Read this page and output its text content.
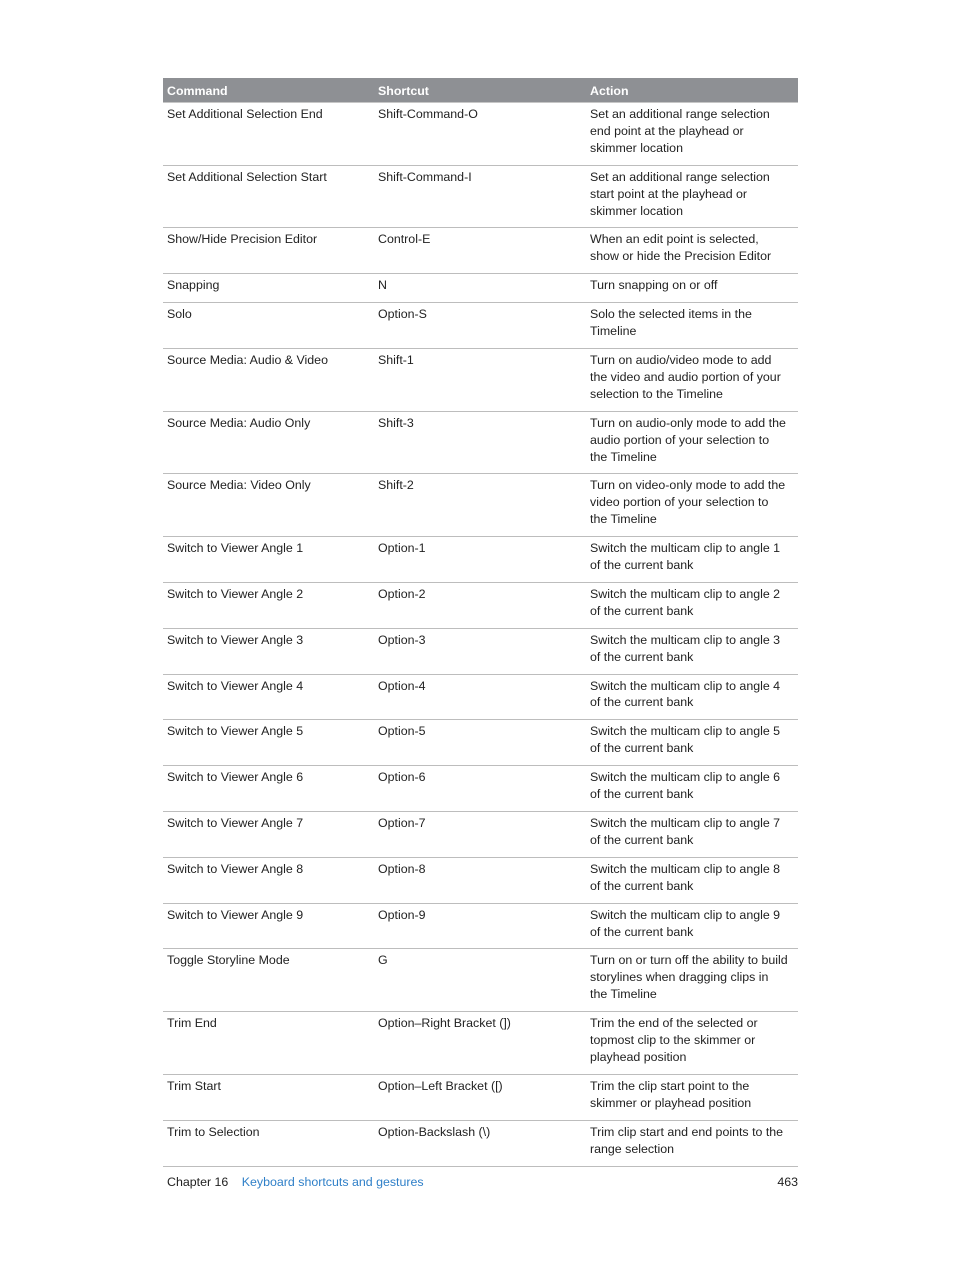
Command	Shortcut	Action
Set Additional Selection End	Shift-Command-O	Set an additional range selection end point at the playhead or skimmer location
Set Additional Selection Start	Shift-Command-I	Set an additional range selection start point at the playhead or skimmer location
Show/Hide Precision Editor	Control-E	When an edit point is selected, show or hide the Precision Editor
Snapping	N	Turn snapping on or off
Solo	Option-S	Solo the selected items in the Timeline
Source Media: Audio & Video	Shift-1	Turn on audio/video mode to add the video and audio portion of your selection to the Timeline
Source Media: Audio Only	Shift-3	Turn on audio-only mode to add the audio portion of your selection to the Timeline
Source Media: Video Only	Shift-2	Turn on video-only mode to add the video portion of your selection to the Timeline
Switch to Viewer Angle 1	Option-1	Switch the multicam clip to angle 1 of the current bank
Switch to Viewer Angle 2	Option-2	Switch the multicam clip to angle 2 of the current bank
Switch to Viewer Angle 3	Option-3	Switch the multicam clip to angle 3 of the current bank
Switch to Viewer Angle 4	Option-4	Switch the multicam clip to angle 4 of the current bank
Switch to Viewer Angle 5	Option-5	Switch the multicam clip to angle 5 of the current bank
Switch to Viewer Angle 6	Option-6	Switch the multicam clip to angle 6 of the current bank
Switch to Viewer Angle 7	Option-7	Switch the multicam clip to angle 7 of the current bank
Switch to Viewer Angle 8	Option-8	Switch the multicam clip to angle 8 of the current bank
Switch to Viewer Angle 9	Option-9	Switch the multicam clip to angle 9 of the current bank
Toggle Storyline Mode	G	Turn on or turn off the ability to build storylines when dragging clips in the Timeline
Trim End	Option–Right Bracket (])	Trim the end of the selected or topmost clip to the skimmer or playhead position
Trim Start	Option–Left Bracket ([)	Trim the clip start point to the skimmer or playhead position
Trim to Selection	Option-Backslash (\)	Trim clip start and end points to the range selection
Chapter 16 Keyboard shortcuts and gestures	463
